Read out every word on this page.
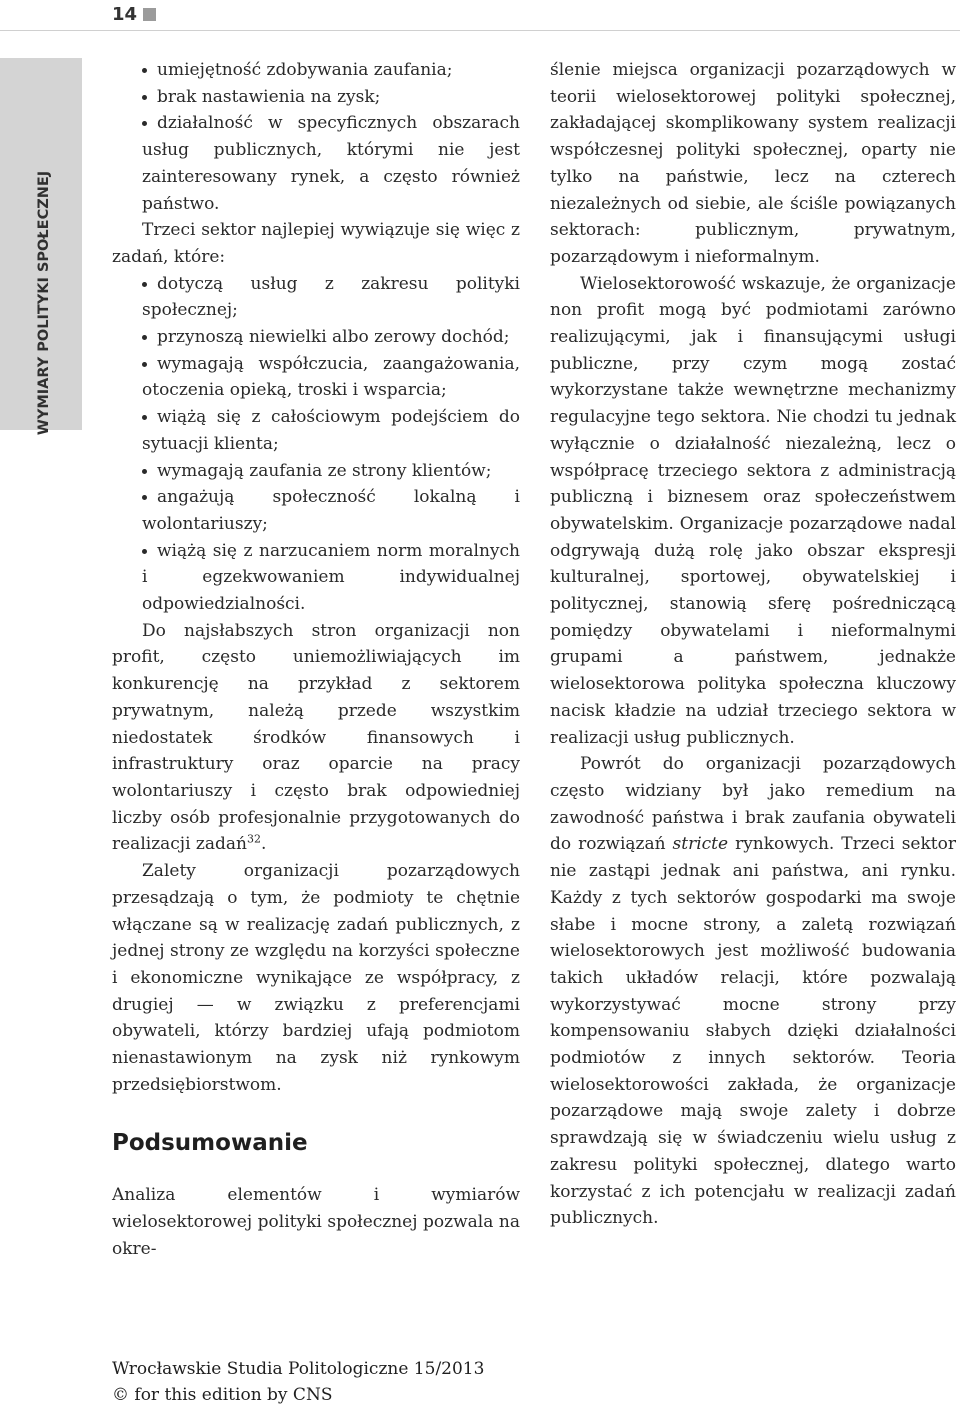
14
WYMIARY POLITYKI SPOŁECZNEJ

umiejętność zdobywania zaufania;

brak nastawienia na zysk;

działalność w specyficznych obszarach usług publicznych, którymi nie jest zainteresowany rynek, a często również państwo.

Trzeci sektor najlepiej wywiązuje się więc z zadań, które:

dotyczą usług z zakresu polityki społecznej;

przynoszą niewielki albo zerowy dochód;

wymagają współczucia, zaangażowania, otoczenia opieką, troski i wsparcia;

wiążą się z całościowym podejściem do sytuacji klienta;

wymagają zaufania ze strony klientów;

angażują społeczność lokalną i wolontariuszy;

wiążą się z narzucaniem norm moralnych i egzekwowaniem indywidualnej odpowiedzialności.

Do najsłabszych stron organizacji non profit, często uniemożliwiających im konkurencję na przykład z sektorem prywatnym, należą przede wszystkim niedostatek środków finansowych i infrastruktury oraz oparcie na pracy wolontariuszy i często brak odpowiedniej liczby osób profesjonalnie przygotowanych do realizacji zadań$^{32}$.

Zalety organizacji pozarządowych przesądzają o tym, że podmioty te chętnie włączane są w realizację zadań publicznych, z jednej strony ze względu na korzyści społeczne i ekonomiczne wynikające ze współpracy, z drugiej — w związku z preferencjami obywateli, którzy bardziej ufają podmiotom nienastawionym na zysk niż rynkowym przedsiębiorstwom.

Podsumowanie

Analiza elementów i wymiarów wielosektorowej polityki społecznej pozwala na okre-

ślenie miejsca organizacji pozarządowych w teorii wielosektorowej polityki społecznej, zakładającej skomplikowany system realizacji współczesnej polityki społecznej, oparty nie tylko na państwie, lecz na czterech niezależnych od siebie, ale ściśle powiązanych sektorach: publicznym, prywatnym, pozarządowym i nieformalnym.

Wielosektorowość wskazuje, że organizacje non profit mogą być podmiotami zarówno realizującymi, jak i finansującymi usługi publiczne, przy czym mogą zostać wykorzystane także wewnętrzne mechanizmy regulacyjne tego sektora. Nie chodzi tu jednak wyłącznie o działalność niezależną, lecz o współpracę trzeciego sektora z administracją publiczną i biznesem oraz społeczeństwem obywatelskim. Organizacje pozarządowe nadal odgrywają dużą rolę jako obszar ekspresji kulturalnej, sportowej, obywatelskiej i politycznej, stanowią sferę pośredniczącą pomiędzy obywatelami i nieformalnymi grupami a państwem, jednakże wielosektorowa polityka społeczna kluczowy nacisk kładzie na udział trzeciego sektora w realizacji usług publicznych.

Powrót do organizacji pozarządowych często widziany był jako remedium na zawodność państwa i brak zaufania obywateli do rozwiązań stricte rynkowych. Trzeci sektor nie zastąpi jednak ani państwa, ani rynku. Każdy z tych sektorów gospodarki ma swoje słabe i mocne strony, a zaletą rozwiązań wielosektorowych jest możliwość budowania takich układów relacji, które pozwalają wykorzystywać mocne strony przy kompensowaniu słabych dzięki działalności podmiotów z innych sektorów. Teoria wielosektorowości zakłada, że organizacje pozarządowe mają swoje zalety i dobrze sprawdzają się w świadczeniu wielu usług z zakresu polityki społecznej, dlatego warto korzystać z ich potencjału w realizacji zadań publicznych.

Wrocławskie Studia Politologiczne 15/2013
© for this edition by CNS
